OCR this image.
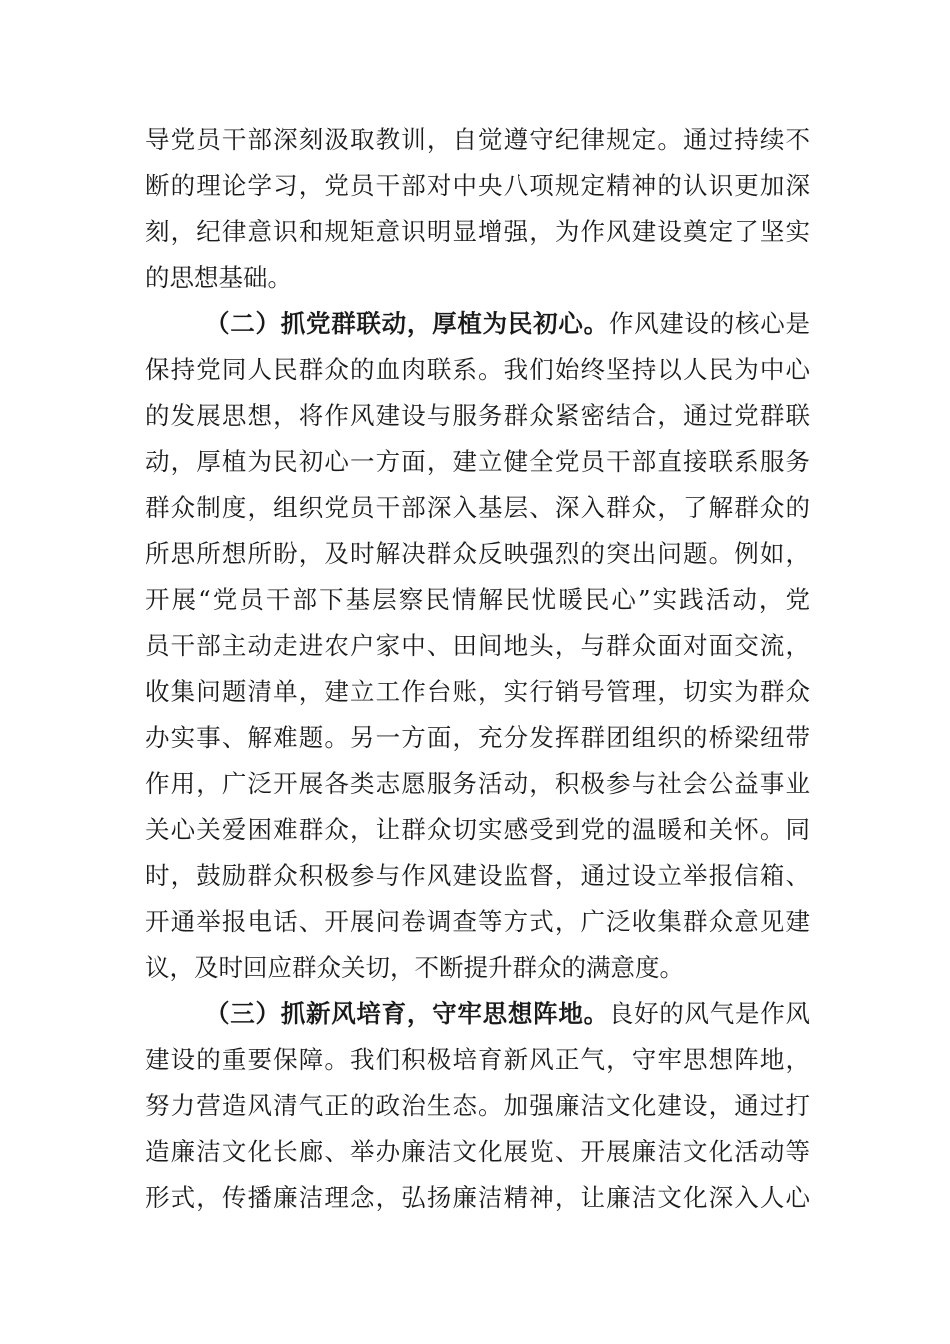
导党员干部深刻汲取教训，自觉遵守纪律规定。通过持续不
断的理论学习，党员干部对中央八项规定精神的认识更加深
刻，纪律意识和规矩意识明显增强，为作风建设奠定了坚实
的思想基础。
（二）抓党群联动，厚植为民初心。作风建设的核心是
保持党同人民群众的血肉联系。我们始终坚持以人民为中心
的发展思想，将作风建设与服务群众紧密结合，通过党群联
动，厚植为民初心一方面，建立健全党员干部直接联系服务
群众制度，组织党员干部深入基层、深入群众，了解群众的
所思所想所盼，及时解决群众反映强烈的突出问题。例如，
开展“党员干部下基层察民情解民忧暖民心”实践活动，党
员干部主动走进农户家中、田间地头，与群众面对面交流，
收集问题清单，建立工作台账，实行销号管理，切实为群众
办实事、解难题。另一方面，充分发挥群团组织的桥梁纽带
作用，广泛开展各类志愿服务活动，积极参与社会公益事业
关心关爱困难群众，让群众切实感受到党的温暖和关怀。同
时，鼓励群众积极参与作风建设监督，通过设立举报信箱、
开通举报电话、开展问卷调查等方式，广泛收集群众意见建
议，及时回应群众关切，不断提升群众的满意度。
（三）抓新风培育，守牢思想阵地。良好的风气是作风
建设的重要保障。我们积极培育新风正气，守牢思想阵地，
努力营造风清气正的政治生态。加强廉洁文化建设，通过打
造廉洁文化长廊、举办廉洁文化展览、开展廉洁文化活动等
形式，传播廉洁理念，弘扬廉洁精神，让廉洁文化深入人心
